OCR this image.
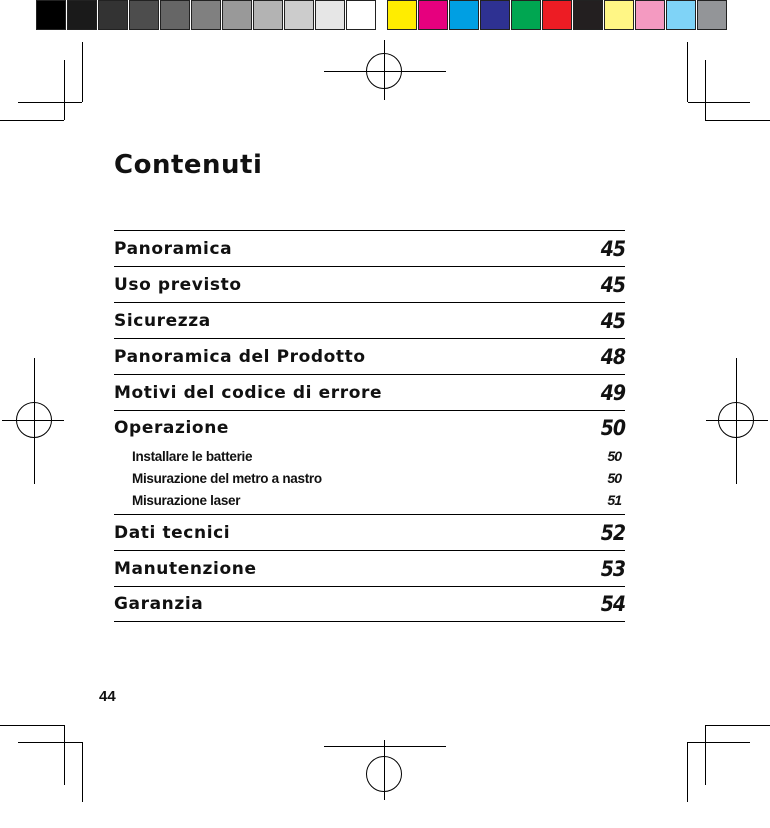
Contenuti
Panoramica	45
Uso previsto	45
Sicurezza	45
Panoramica del Prodotto	48
Motivi del codice di errore	49
Operazione	50
Installare le batterie	50
Misurazione del metro a nastro	50
Misurazione laser	51
Dati tecnici	52
Manutenzione	53
Garanzia	54
44
